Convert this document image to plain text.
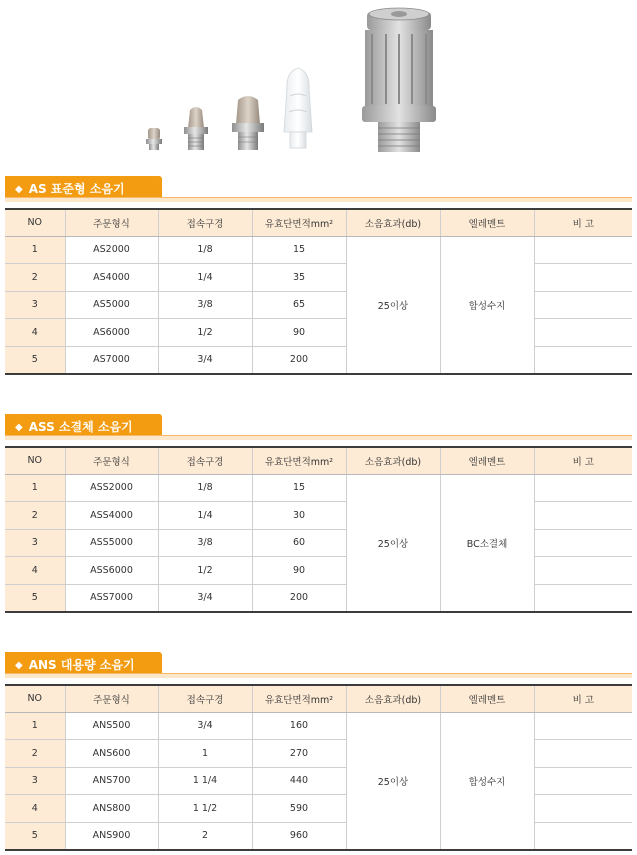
◆ AS 표준형 소음기
NO	주문형식	접속구경	유효단면적mm²	소음효과(db)	엘레멘트	비 고
1	AS2000	1/8	15	25이상	합성수지	
2	AS4000	1/4	35			
3	AS5000	3/8	65			
4	AS6000	1/2	90			
5	AS7000	3/4	200			
◆ ASS 소결체 소음기
NO	주문형식	접속구경	유효단면적mm²	소음효과(db)	엘레멘트	비 고
1	ASS2000	1/8	15	25이상	BC소결체	
2	ASS4000	1/4	30			
3	ASS5000	3/8	60			
4	ASS6000	1/2	90			
5	ASS7000	3/4	200			
◆ ANS 대용량 소음기
NO	주문형식	접속구경	유효단면적mm²	소음효과(db)	엘레멘트	비 고
1	ANS500	3/4	160	25이상	합성수지	
2	ANS600	1	270			
3	ANS700	1 1/4	440			
4	ANS800	1 1/2	590			
5	ANS900	2	960			
